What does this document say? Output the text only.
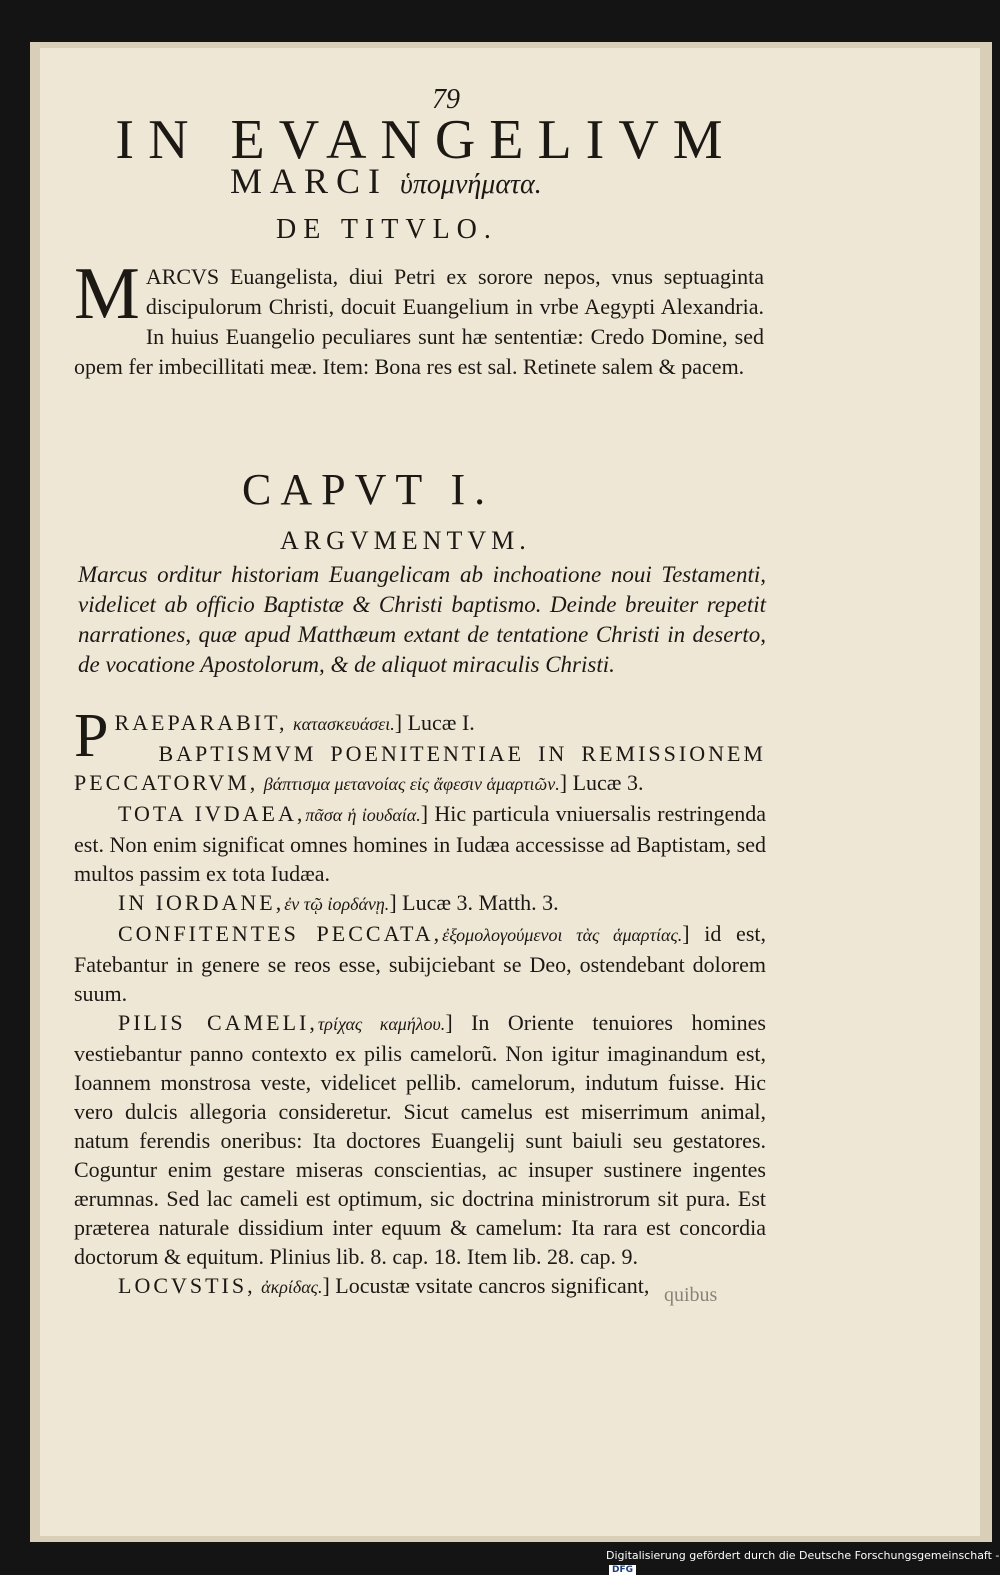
79
IN EVANGELIVM
MARCI ὑπομνήματα.
DE TITVLO.
MARCVS Euangelista, diui Petri ex sorore nepos, vnus septuaginta discipulorum Christi, docuit Euangelium in vrbe Aegypti Alexandria. In huius Euangelio peculiares sunt hæ sententiæ: Credo Domine, sed opem fer imbecillitati meæ. Item: Bona res est sal. Retinete salem & pacem.
CAPVT I.
ARGVMENTVM.
Marcus orditur historiam Euangelicam ab inchoatione noui Testamenti, videlicet ab officio Baptistæ & Christi baptismo. Deinde breuiter repetit narrationes, quæ apud Matthæum extant de tentatione Christi in deserto, de vocatione Apostolorum, & de aliquot miraculis Christi.

PRAEPARABIT, κατασκευάσει.] Lucæ I.

BAPTISMVM POENITENTIAE IN REMISSIONEM PECCATORVM, βάπτισμα μετανοίας εἰς ἄφεσιν ἁμαρτιῶν.] Lucæ 3.

TOTA IVDAEA,πᾶσα ἡ ἰουδαία.] Hic particula vniuersalis restringenda est. Non enim significat omnes homines in Iudæa accessisse ad Baptistam, sed multos passim ex tota Iudæa.

IN IORDANE,ἐν τῷ ἰορδάνῃ.] Lucæ 3. Matth. 3.

CONFITENTES PECCATA,ἐξομολογούμενοι τὰς ἁμαρτίας.] id est, Fatebantur in genere se reos esse, subijciebant se Deo, ostendebant dolorem suum.

PILIS CAMELI,τρίχας καμήλου.] In Oriente tenuiores homines vestiebantur panno contexto ex pilis camelorũ. Non igitur imaginandum est, Ioannem monstrosa veste, videlicet pellib. camelorum, indutum fuisse. Hic vero dulcis allegoria consideretur. Sicut camelus est miserrimum animal, natum ferendis oneribus: Ita doctores Euangelij sunt baiuli seu gestatores. Coguntur enim gestare miseras conscientias, ac insuper sustinere ingentes ærumnas. Sed lac cameli est optimum, sic doctrina ministrorum sit pura. Est præterea naturale dissidium inter equum & camelum: Ita rara est concordia doctorum & equitum. Plinius lib. 8. cap. 18. Item lib. 28. cap. 9.

LOCVSTIS, ἀκρίδας.] Locustæ vsitate cancros significant, quibus
Digitalisierung gefördert durch die Deutsche Forschungsgemeinschaft -DFG
